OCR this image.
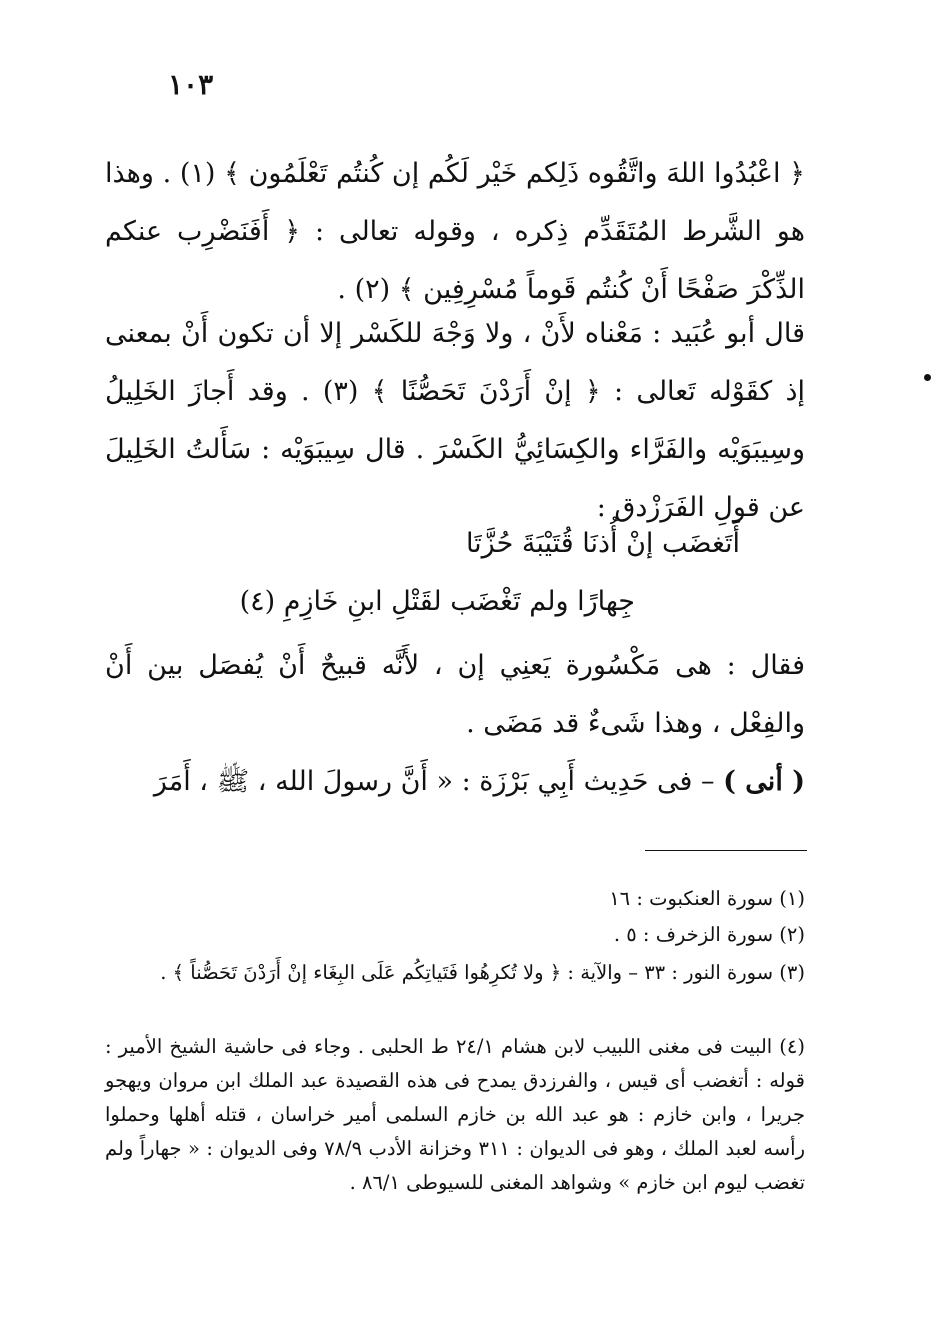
١٠٣

﴿ اعْبُدُوا اللهَ واتَّقُوه ذَلِكم خَيْر لَكُم إن كُنتُم تَعْلَمُون ﴾ (١) . وهذا هو الشَّرط المُتَقَدِّم ذِكره ، وقوله تعالى : ﴿ أَفَنَضْرِب عنكم الذِّكْرَ صَفْحًا أَنْ كُنتُم قَوماً مُسْرِفِين ﴾ (٢) .

قال أبو عُبَيد : مَعْناه لأَنْ ، ولا وَجْهَ للكَسْر إلا أن تكون أَنْ بمعنى إذ كقَوْله تَعالى : ﴿ إنْ أَرَدْنَ تَحَصُّنًا ﴾ (٣) . وقد أَجازَ الخَلِيلُ وسِيبَوَيْه والفَرَّاء والكِسَائِيُّ الكَسْرَ . قال سِيبَوَيْه : سَأَلتُ الخَلِيلَ عن قولِ الفَرَزْدق :

أَتَغضَب إنْ أُذنَا قُتَيْبَةَ حُزَّتَا
جِهارًا ولم تَغْضَب لقَتْلِ ابنِ خَازِمِ (٤)

فقال : هى مَكْسُورة يَعنِي إن ، لأَنَّه قبيحٌ أَنْ يُفصَل بين أَنْ والفِعْل ، وهذا شَىءٌ قد مَضَى .

( أنى ) – فى حَدِيث أَبِي بَرْزَة : « أَنَّ رسولَ الله ، ﷺ ، أَمَرَ

(١) سورة العنكبوت : ١٦

(٢) سورة الزخرف : ٥ .

(٣) سورة النور : ٣٣ – والآية : ﴿ ولا تُكرِهُوا فَتَياتِكُم عَلَى البِغَاء إنْ أَرَدْنَ تَحَصُّناً ﴾ .

(٤) البيت فى مغنى اللبيب لابن هشام ٢٤/١ ط الحلبى . وجاء فى حاشية الشيخ الأمير : قوله : أتغضب أى قيس ، والفرزدق يمدح فى هذه القصيدة عبد الملك ابن مروان ويهجو جريرا ، وابن خازم : هو عبد الله بن خازم السلمى أمير خراسان ، قتله أهلها وحملوا رأسه لعبد الملك ، وهو فى الديوان : ٣١١ وخزانة الأدب ٧٨/٩ وفى الديوان : « جهاراً ولم تغضب ليوم ابن خازم » وشواهد المغنى للسيوطى ٨٦/١ .
